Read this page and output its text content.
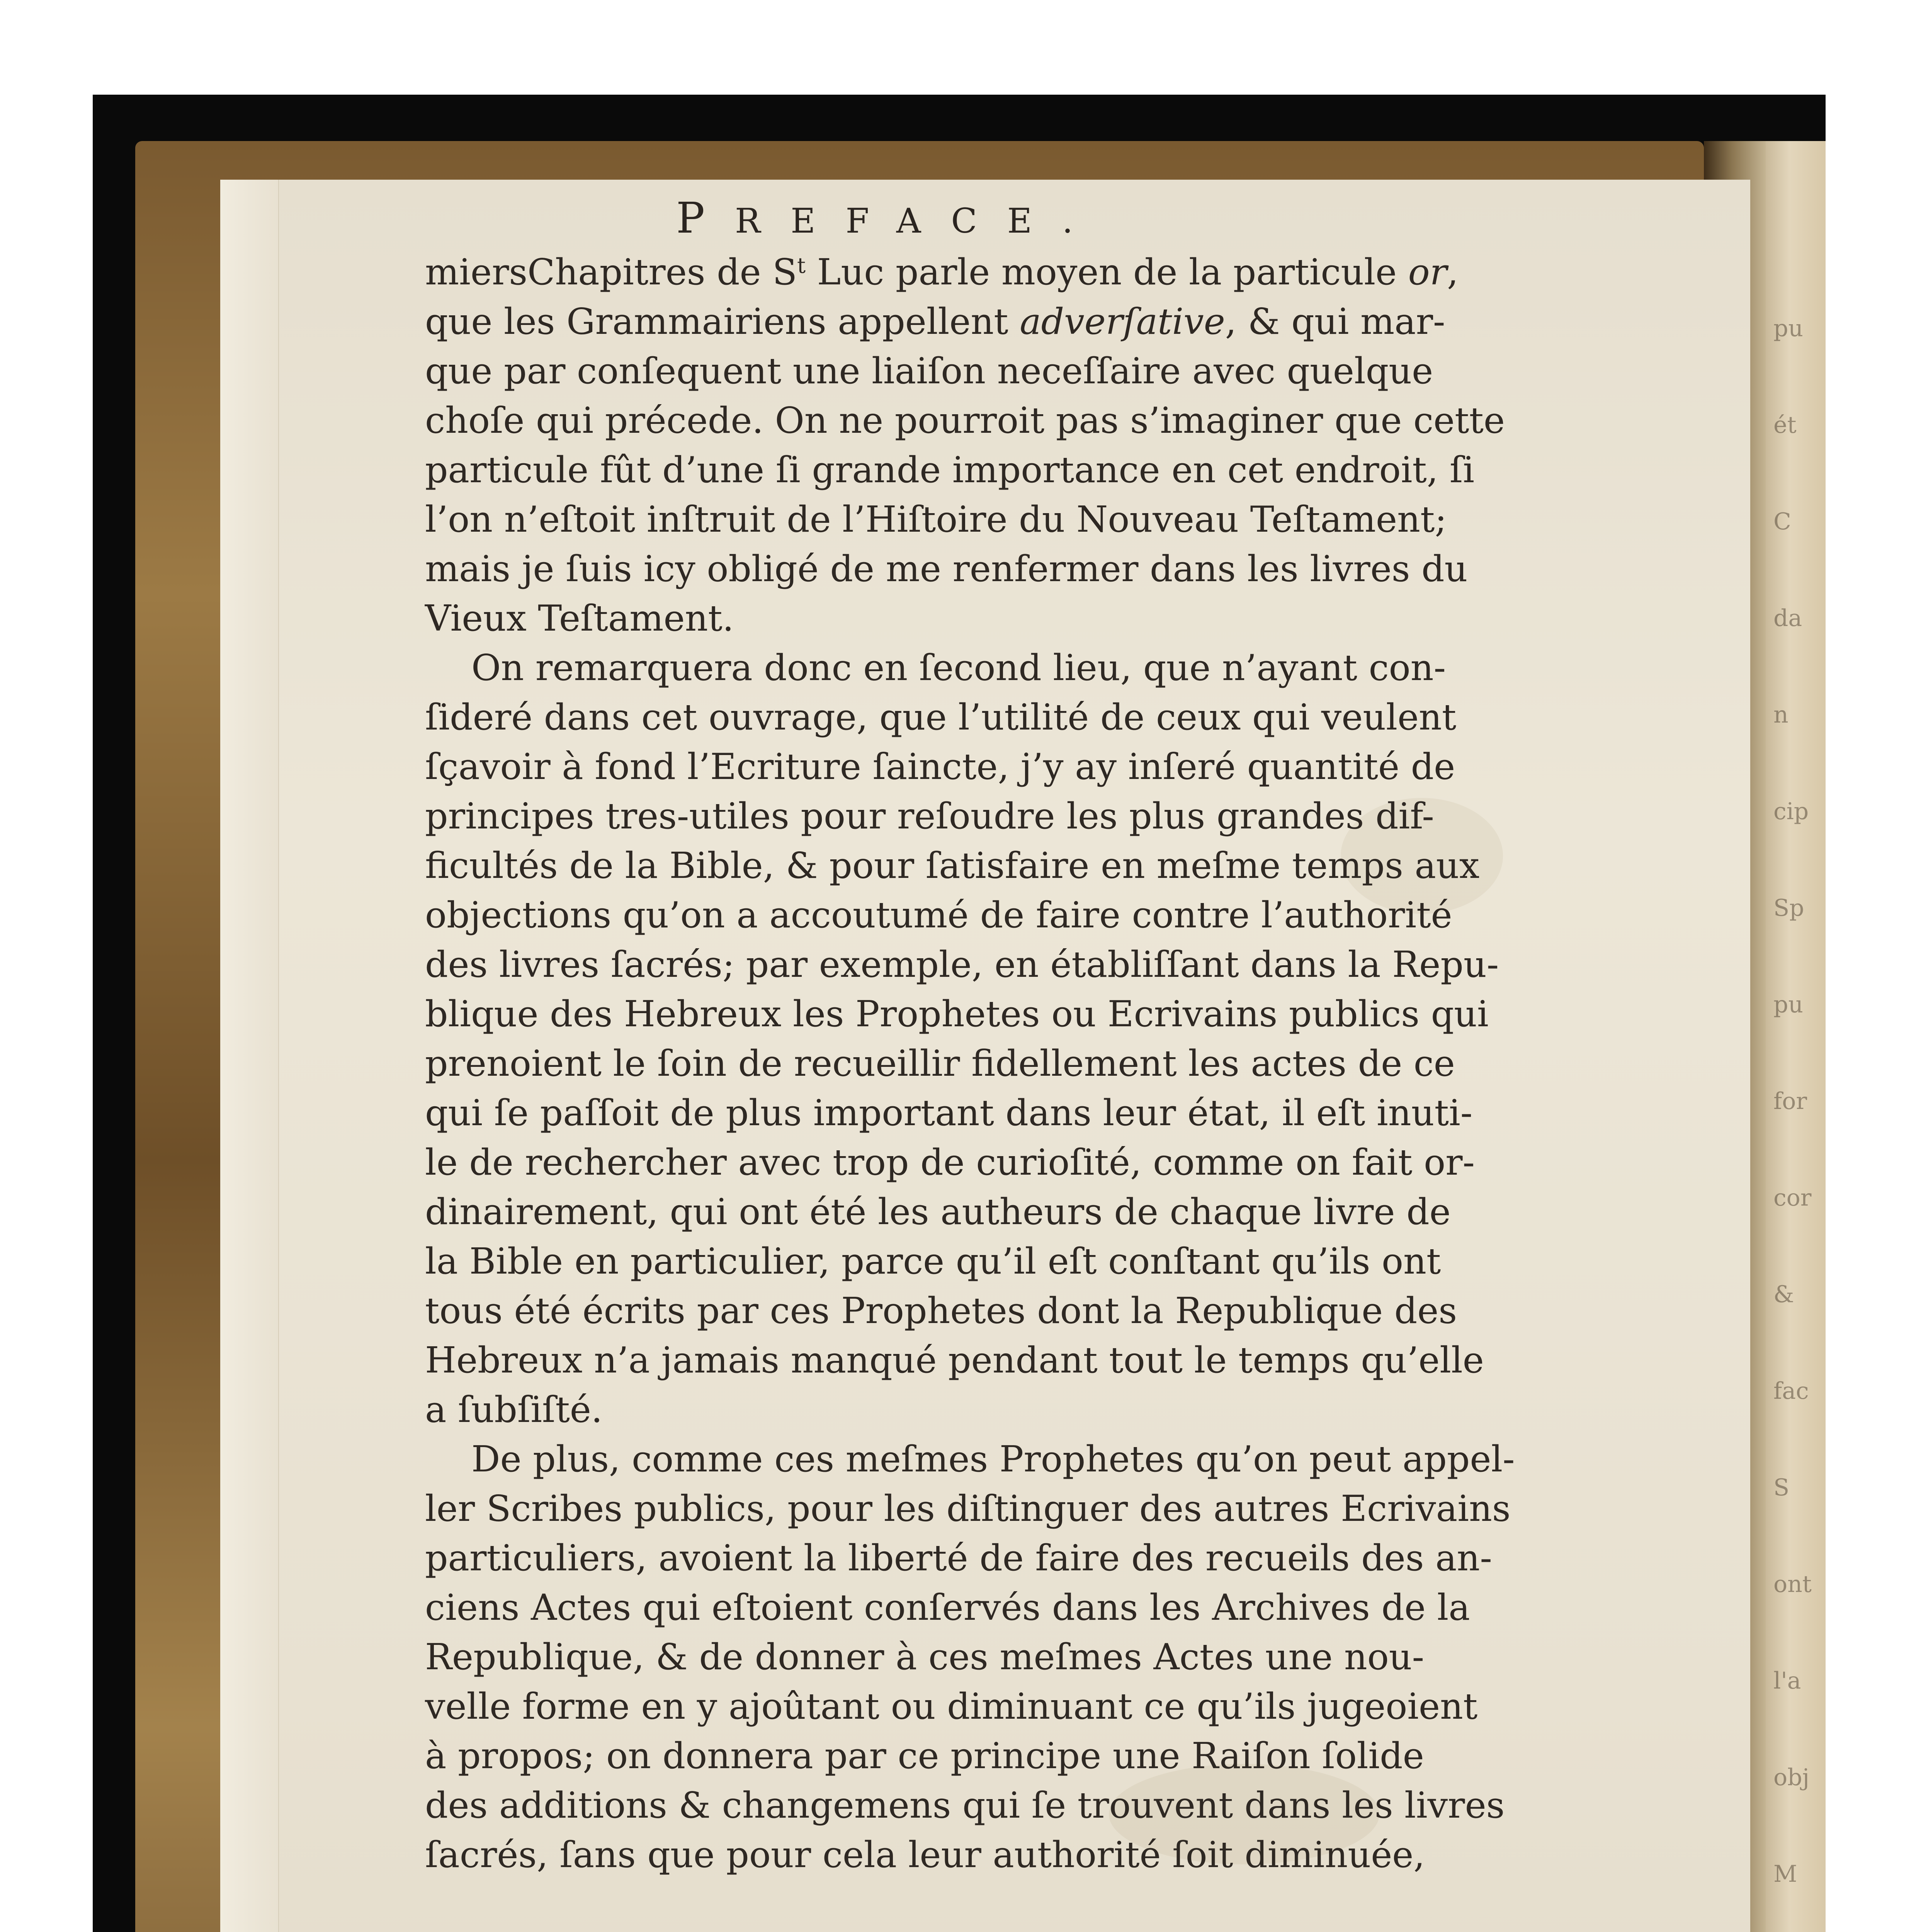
pu
ét
C
da
n
cip
Sp
pu
for
cor
&
fac
S
ont
l'a
obj
M
PREFACE.
miersChapitres de $S^t$ Luc parle moyen de la particule or,
que les Grammairiens appellent adverſative, & qui mar-
que par conſequent une liaiſon neceſſaire avec quelque
choſe qui précede. On ne pourroit pas s’imaginer que cette
particule fût d’une ſi grande importance en cet endroit, ſi
l’on n’eſtoit inſtruit de l’Hiſtoire du Nouveau Teſtament;
mais je ſuis icy obligé de me renfermer dans les livres du
Vieux Teſtament.
On remarquera donc en ſecond lieu, que n’ayant con-
ſideré dans cet ouvrage, que l’utilité de ceux qui veulent
ſçavoir à fond l’Ecriture ſaincte, j’y ay inſeré quantité de
principes tres-utiles pour reſoudre les plus grandes dif-
ficultés de la Bible, & pour ſatisfaire en meſme temps aux
objections qu’on a accoutumé de faire contre l’authorité
des livres ſacrés; par exemple, en établiſſant dans la Repu-
blique des Hebreux les Prophetes ou Ecrivains publics qui
prenoient le ſoin de recueillir fidellement les actes de ce
qui ſe paſſoit de plus important dans leur état, il eſt inuti-
le de rechercher avec trop de curioſité, comme on fait or-
dinairement, qui ont été les autheurs de chaque livre de
la Bible en particulier, parce qu’il eſt conſtant qu’ils ont
tous été écrits par ces Prophetes dont la Republique des
Hebreux n’a jamais manqué pendant tout le temps qu’elle
a ſubſiſté.
De plus, comme ces meſmes Prophetes qu’on peut appel-
ler Scribes publics, pour les diſtinguer des autres Ecrivains
particuliers, avoient la liberté de faire des recueils des an-
ciens Actes qui eſtoient conſervés dans les Archives de la
Republique, & de donner à ces meſmes Actes une nou-
velle forme en y ajoûtant ou diminuant ce qu’ils jugeoient
à propos; on donnera par ce principe une Raiſon ſolide
des additions & changemens qui ſe trouvent dans les livres
ſacrés, ſans que pour cela leur authorité ſoit diminuée,
